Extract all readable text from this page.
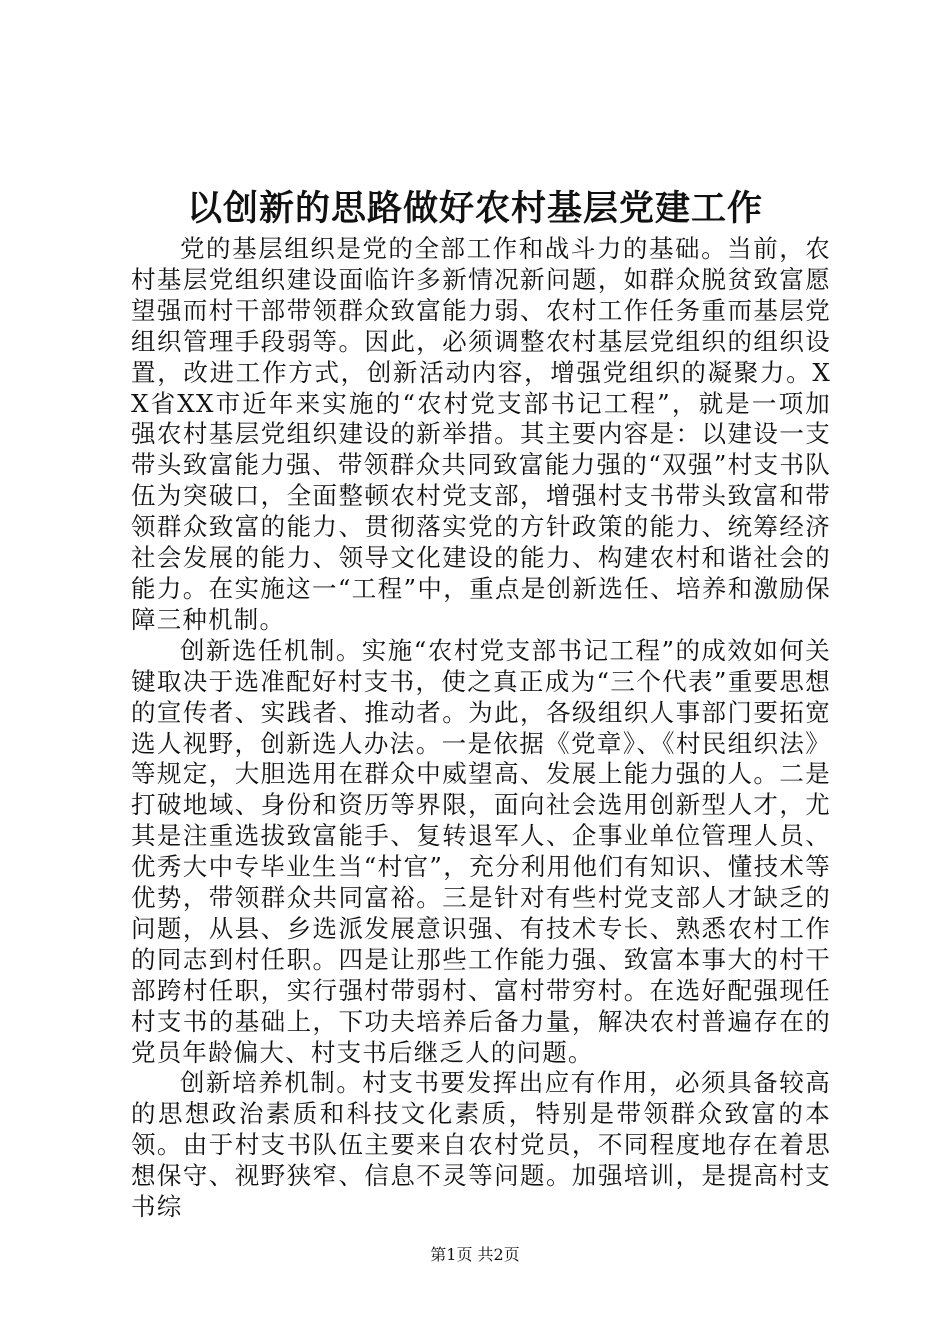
以创新的思路做好农村基层党建工作

党的基层组织是党的全部工作和战斗力的基础。当前，农村基层党组织建设面临许多新情况新问题，如群众脱贫致富愿望强而村干部带领群众致富能力弱、农村工作任务重而基层党组织管理手段弱等。因此，必须调整农村基层党组织的组织设置，改进工作方式，创新活动内容，增强党组织的凝聚力。XX省XX市近年来实施的“农村党支部书记工程”，就是一项加强农村基层党组织建设的新举措。其主要内容是：以建设一支带头致富能力强、带领群众共同致富能力强的“双强”村支书队伍为突破口，全面整顿农村党支部，增强村支书带头致富和带领群众致富的能力、贯彻落实党的方针政策的能力、统筹经济社会发展的能力、领导文化建设的能力、构建农村和谐社会的能力。在实施这一“工程”中，重点是创新选任、培养和激励保障三种机制。

创新选任机制。实施“农村党支部书记工程”的成效如何关键取决于选准配好村支书，使之真正成为“三个代表”重要思想的宣传者、实践者、推动者。为此，各级组织人事部门要拓宽选人视野，创新选人办法。一是依据《党章》、《村民组织法》等规定，大胆选用在群众中威望高、发展上能力强的人。二是打破地域、身份和资历等界限，面向社会选用创新型人才，尤其是注重选拔致富能手、复转退军人、企事业单位管理人员、优秀大中专毕业生当“村官”，充分利用他们有知识、懂技术等优势，带领群众共同富裕。三是针对有些村党支部人才缺乏的问题，从县、乡选派发展意识强、有技术专长、熟悉农村工作的同志到村任职。四是让那些工作能力强、致富本事大的村干部跨村任职，实行强村带弱村、富村带穷村。在选好配强现任村支书的基础上，下功夫培养后备力量，解决农村普遍存在的党员年龄偏大、村支书后继乏人的问题。

创新培养机制。村支书要发挥出应有作用，必须具备较高的思想政治素质和科技文化素质，特别是带领群众致富的本领。由于村支书队伍主要来自农村党员，不同程度地存在着思想保守、视野狭窄、信息不灵等问题。加强培训，是提高村支书综

第1页 共2页
